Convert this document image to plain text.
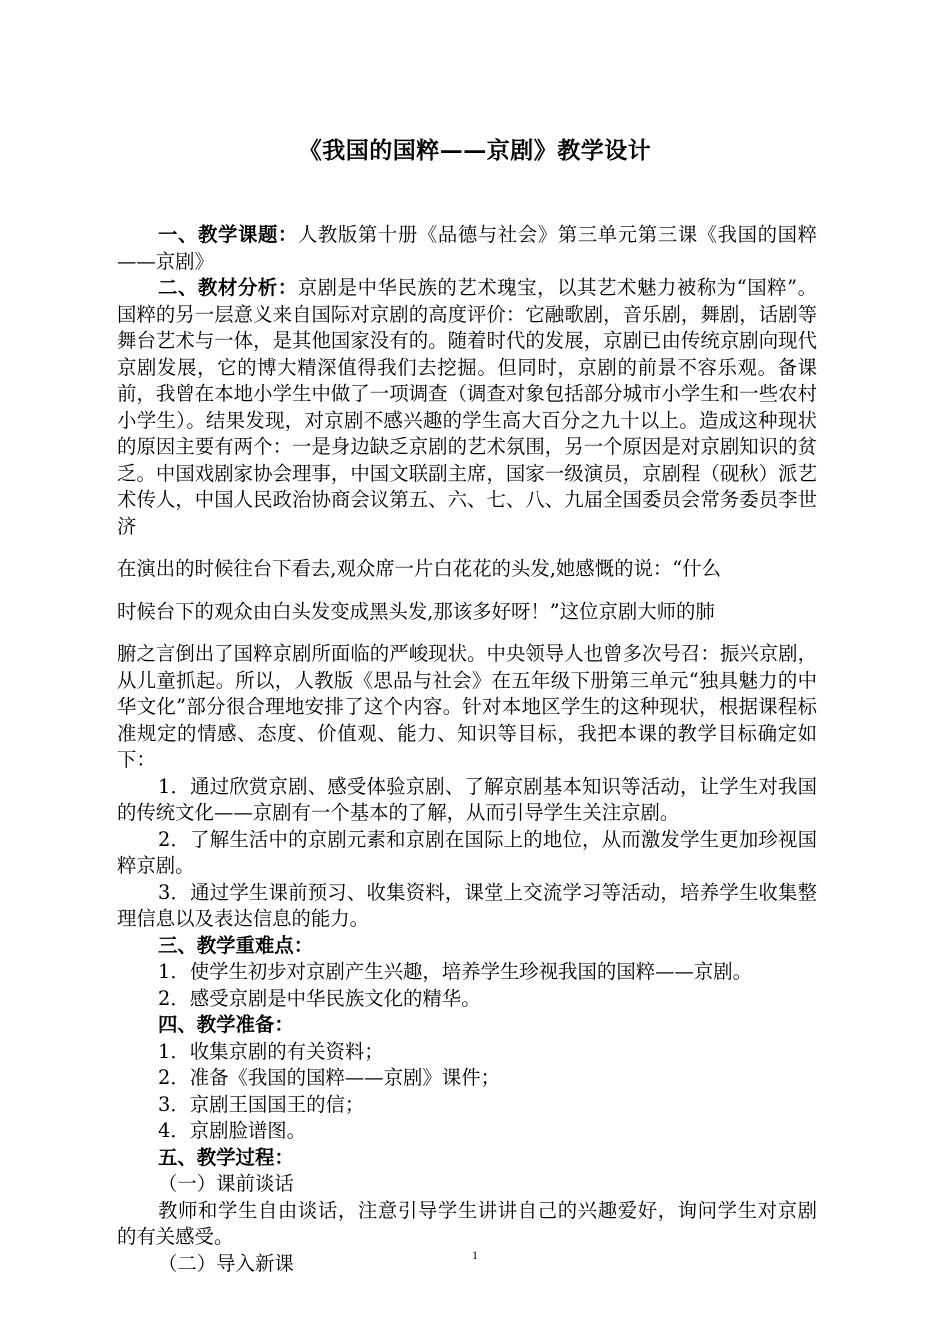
《我国的国粹——京剧》教学设计

一、教学课题：人教版第十册《品德与社会》第三单元第三课《我国的国粹——京剧》

二、教材分析：京剧是中华民族的艺术瑰宝，以其艺术魅力被称为“国粹”。国粹的另一层意义来自国际对京剧的高度评价：它融歌剧，音乐剧，舞剧，话剧等舞台艺术与一体，是其他国家没有的。随着时代的发展，京剧已由传统京剧向现代京剧发展，它的博大精深值得我们去挖掘。但同时，京剧的前景不容乐观。备课前，我曾在本地小学生中做了一项调查（调查对象包括部分城市小学生和一些农村小学生）。结果发现，对京剧不感兴趣的学生高大百分之九十以上。造成这种现状的原因主要有两个：一是身边缺乏京剧的艺术氛围，另一个原因是对京剧知识的贫乏。中国戏剧家协会理事，中国文联副主席，国家一级演员，京剧程（砚秋）派艺术传人，中国人民政治协商会议第五、六、七、八、九届全国委员会常务委员李世济

在演出的时候往台下看去,观众席一片白花花的头发,她感慨的说：“什么

时候台下的观众由白头发变成黑头发,那该多好呀！”这位京剧大师的肺

腑之言倒出了国粹京剧所面临的严峻现状。中央领导人也曾多次号召：振兴京剧，从儿童抓起。所以，人教版《思品与社会》在五年级下册第三单元“独具魅力的中华文化”部分很合理地安排了这个内容。针对本地区学生的这种现状，根据课程标准规定的情感、态度、价值观、能力、知识等目标，我把本课的教学目标确定如下：

1．通过欣赏京剧、感受体验京剧、了解京剧基本知识等活动，让学生对我国的传统文化——京剧有一个基本的了解，从而引导学生关注京剧。

2．了解生活中的京剧元素和京剧在国际上的地位，从而激发学生更加珍视国粹京剧。

3．通过学生课前预习、收集资料，课堂上交流学习等活动，培养学生收集整理信息以及表达信息的能力。

三、教学重难点：

1．使学生初步对京剧产生兴趣，培养学生珍视我国的国粹——京剧。

2．感受京剧是中华民族文化的精华。

四、教学准备：

1．收集京剧的有关资料；

2．准备《我国的国粹——京剧》课件；

3．京剧王国国王的信；

4．京剧脸谱图。

五、教学过程：

（一）课前谈话

教师和学生自由谈话，注意引导学生讲讲自己的兴趣爱好，询问学生对京剧的有关感受。

（二）导入新课	1
